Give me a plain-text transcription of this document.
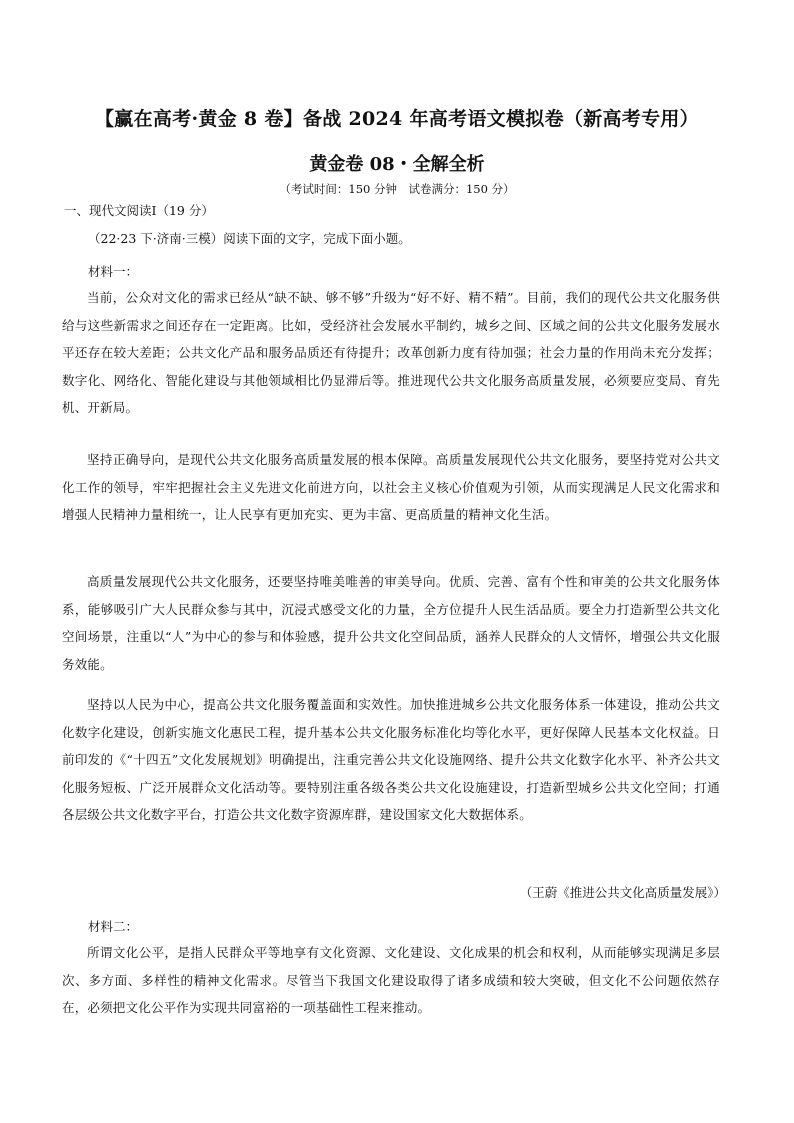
【赢在高考·黄金 8 卷】备战 2024 年高考语文模拟卷（新高考专用）
黄金卷 08・全解全析
（考试时间：150 分钟　试卷满分：150 分）
一、现代文阅读Ⅰ（19 分）
（22·23 下·济南·三模）阅读下面的文字，完成下面小题。
材料一：
当前，公众对文化的需求已经从“缺不缺、够不够”升级为“好不好、精不精”。目前，我们的现代公共文化服务供给与这些新需求之间还存在一定距离。比如，受经济社会发展水平制约，城乡之间、区域之间的公共文化服务发展水平还存在较大差距；公共文化产品和服务品质还有待提升；改革创新力度有待加强；社会力量的作用尚未充分发挥；数字化、网络化、智能化建设与其他领域相比仍显滞后等。推进现代公共文化服务高质量发展，必须要应变局、育先机、开新局。
坚持正确导向，是现代公共文化服务高质量发展的根本保障。高质量发展现代公共文化服务，要坚持党对公共文化工作的领导，牢牢把握社会主义先进文化前进方向，以社会主义核心价值观为引领，从而实现满足人民文化需求和增强人民精神力量相统一，让人民享有更加充实、更为丰富、更高质量的精神文化生活。
高质量发展现代公共文化服务，还要坚持唯美唯善的审美导向。优质、完善、富有个性和审美的公共文化服务体系，能够吸引广大人民群众参与其中，沉浸式感受文化的力量，全方位提升人民生活品质。要全力打造新型公共文化空间场景，注重以“人”为中心的参与和体验感，提升公共文化空间品质，涵养人民群众的人文情怀，增强公共文化服务效能。
坚持以人民为中心，提高公共文化服务覆盖面和实效性。加快推进城乡公共文化服务体系一体建设，推动公共文化数字化建设，创新实施文化惠民工程，提升基本公共文化服务标准化均等化水平，更好保障人民基本文化权益。日前印发的《“十四五”文化发展规划》明确提出，注重完善公共文化设施网络、提升公共文化数字化水平、补齐公共文化服务短板、广泛开展群众文化活动等。要特别注重各级各类公共文化设施建设，打造新型城乡公共文化空间；打通各层级公共文化数字平台，打造公共文化数字资源库群，建设国家文化大数据体系。
（王蔚《推进公共文化高质量发展》）
材料二：
所谓文化公平，是指人民群众平等地享有文化资源、文化建设、文化成果的机会和权利，从而能够实现满足多层次、多方面、多样性的精神文化需求。尽管当下我国文化建设取得了诸多成绩和较大突破，但文化不公问题依然存在，必须把文化公平作为实现共同富裕的一项基础性工程来推动。
